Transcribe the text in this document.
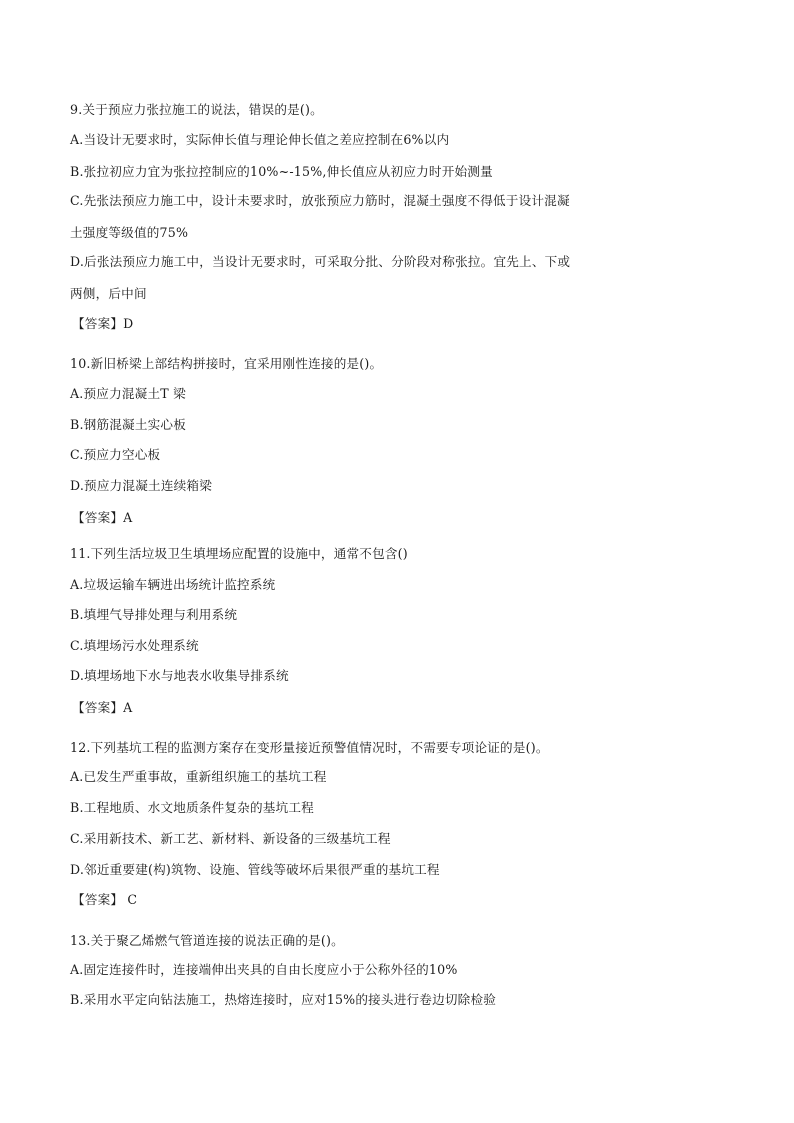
9.关于预应力张拉施工的说法，错误的是()。
A.当设计无要求时，实际伸长值与理论伸长值之差应控制在6%以内
B.张拉初应力宜为张拉控制应的10%~-15%,伸长值应从初应力时开始测量
C.先张法预应力施工中，设计未要求时，放张预应力筋时，混凝土强度不得低于设计混凝
土强度等级值的75%
D.后张法预应力施工中，当设计无要求时，可采取分批、分阶段对称张拉。宜先上、下或
两侧，后中间
【答案】D
10.新旧桥梁上部结构拼接时，宜采用刚性连接的是()。
A.预应力混凝土T 梁
B.钢筋混凝土实心板
C.预应力空心板
D.预应力混凝土连续箱梁
【答案】A
11.下列生活垃圾卫生填埋场应配置的设施中，通常不包含()
A.垃圾运输车辆进出场统计监控系统
B.填埋气导排处理与利用系统
C.填埋场污水处理系统
D.填埋场地下水与地表水收集导排系统
【答案】A
12.下列基坑工程的监测方案存在变形量接近预警值情况时，不需要专项论证的是()。
A.已发生严重事故，重新组织施工的基坑工程
B.工程地质、水文地质条件复杂的基坑工程
C.采用新技术、新工艺、新材料、新设备的三级基坑工程
D.邻近重要建(构)筑物、设施、管线等破坏后果很严重的基坑工程
【答案】 C
13.关于聚乙烯燃气管道连接的说法正确的是()。
A.固定连接件时，连接端伸出夹具的自由长度应小于公称外径的10%
B.采用水平定向钻法施工，热熔连接时，应对15%的接头进行卷边切除检验
